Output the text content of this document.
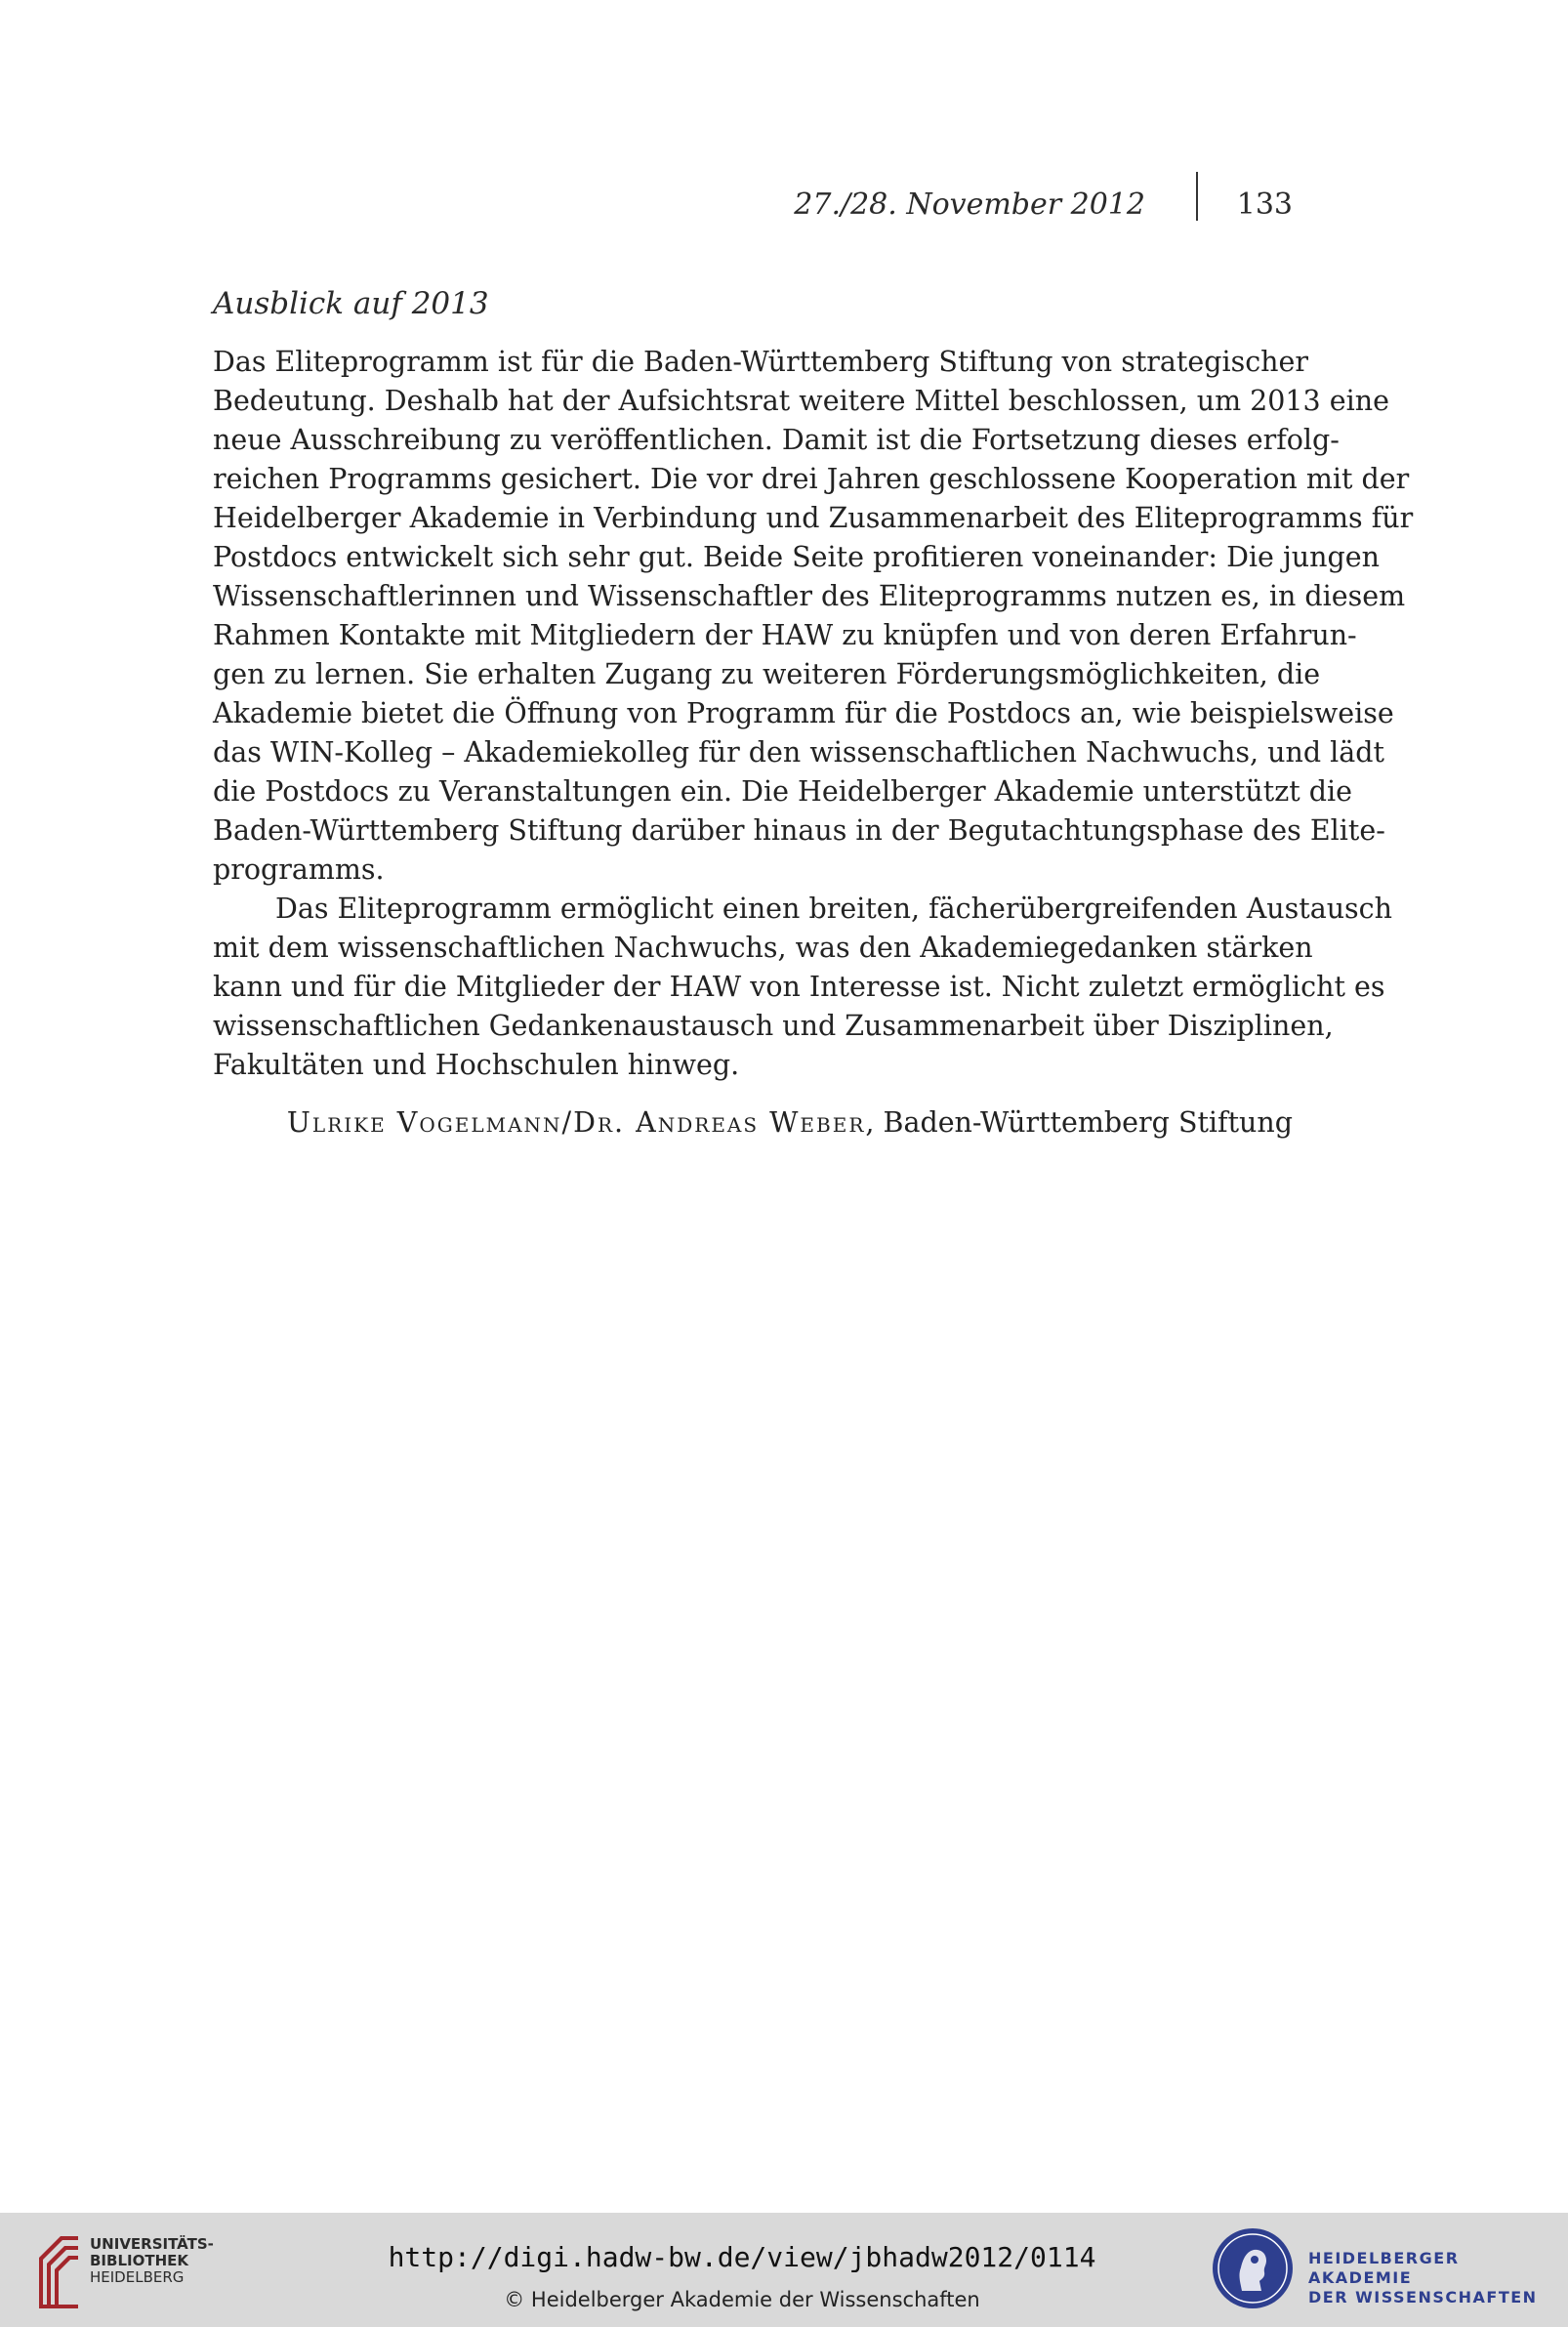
27./28. November 2012	133
Ausblick auf 2013
Das Eliteprogramm ist für die Baden-Württemberg Stiftung von strategischer
Bedeutung. Deshalb hat der Aufsichtsrat weitere Mittel beschlossen, um 2013 eine
neue Ausschreibung zu veröffentlichen. Damit ist die Fortsetzung dieses erfolg-
reichen Programms gesichert. Die vor drei Jahren geschlossene Kooperation mit der
Heidelberger Akademie in Verbindung und Zusammenarbeit des Eliteprogramms für
Postdocs entwickelt sich sehr gut. Beide Seite profitieren voneinander: Die jungen
Wissenschaftlerinnen und Wissenschaftler des Eliteprogramms nutzen es, in diesem
Rahmen Kontakte mit Mitgliedern der HAW zu knüpfen und von deren Erfahrun-
gen zu lernen. Sie erhalten Zugang zu weiteren Förderungsmöglichkeiten, die
Akademie bietet die Öffnung von Programm für die Postdocs an, wie beispielsweise
das WIN-Kolleg – Akademiekolleg für den wissenschaftlichen Nachwuchs, und lädt
die Postdocs zu Veranstaltungen ein. Die Heidelberger Akademie unterstützt die
Baden-Württemberg Stiftung darüber hinaus in der Begutachtungsphase des Elite-
programms.
Das Eliteprogramm ermöglicht einen breiten, fächerübergreifenden Austausch
mit dem wissenschaftlichen Nachwuchs, was den Akademiegedanken stärken
kann und für die Mitglieder der HAW von Interesse ist. Nicht zuletzt ermöglicht es
wissenschaftlichen Gedankenaustausch und Zusammenarbeit über Disziplinen,
Fakultäten und Hochschulen hinweg.
Ulrike Vogelmann/Dr. Andreas Weber, Baden-Württemberg Stiftung
UNIVERSITÄTS-
BIBLIOTHEK
HEIDELBERG
http://digi.hadw-bw.de/view/jbhadw2012/0114
© Heidelberger Akademie der Wissenschaften
HEIDELBERGER AKADEMIE
DER WISSENSCHAFTEN
